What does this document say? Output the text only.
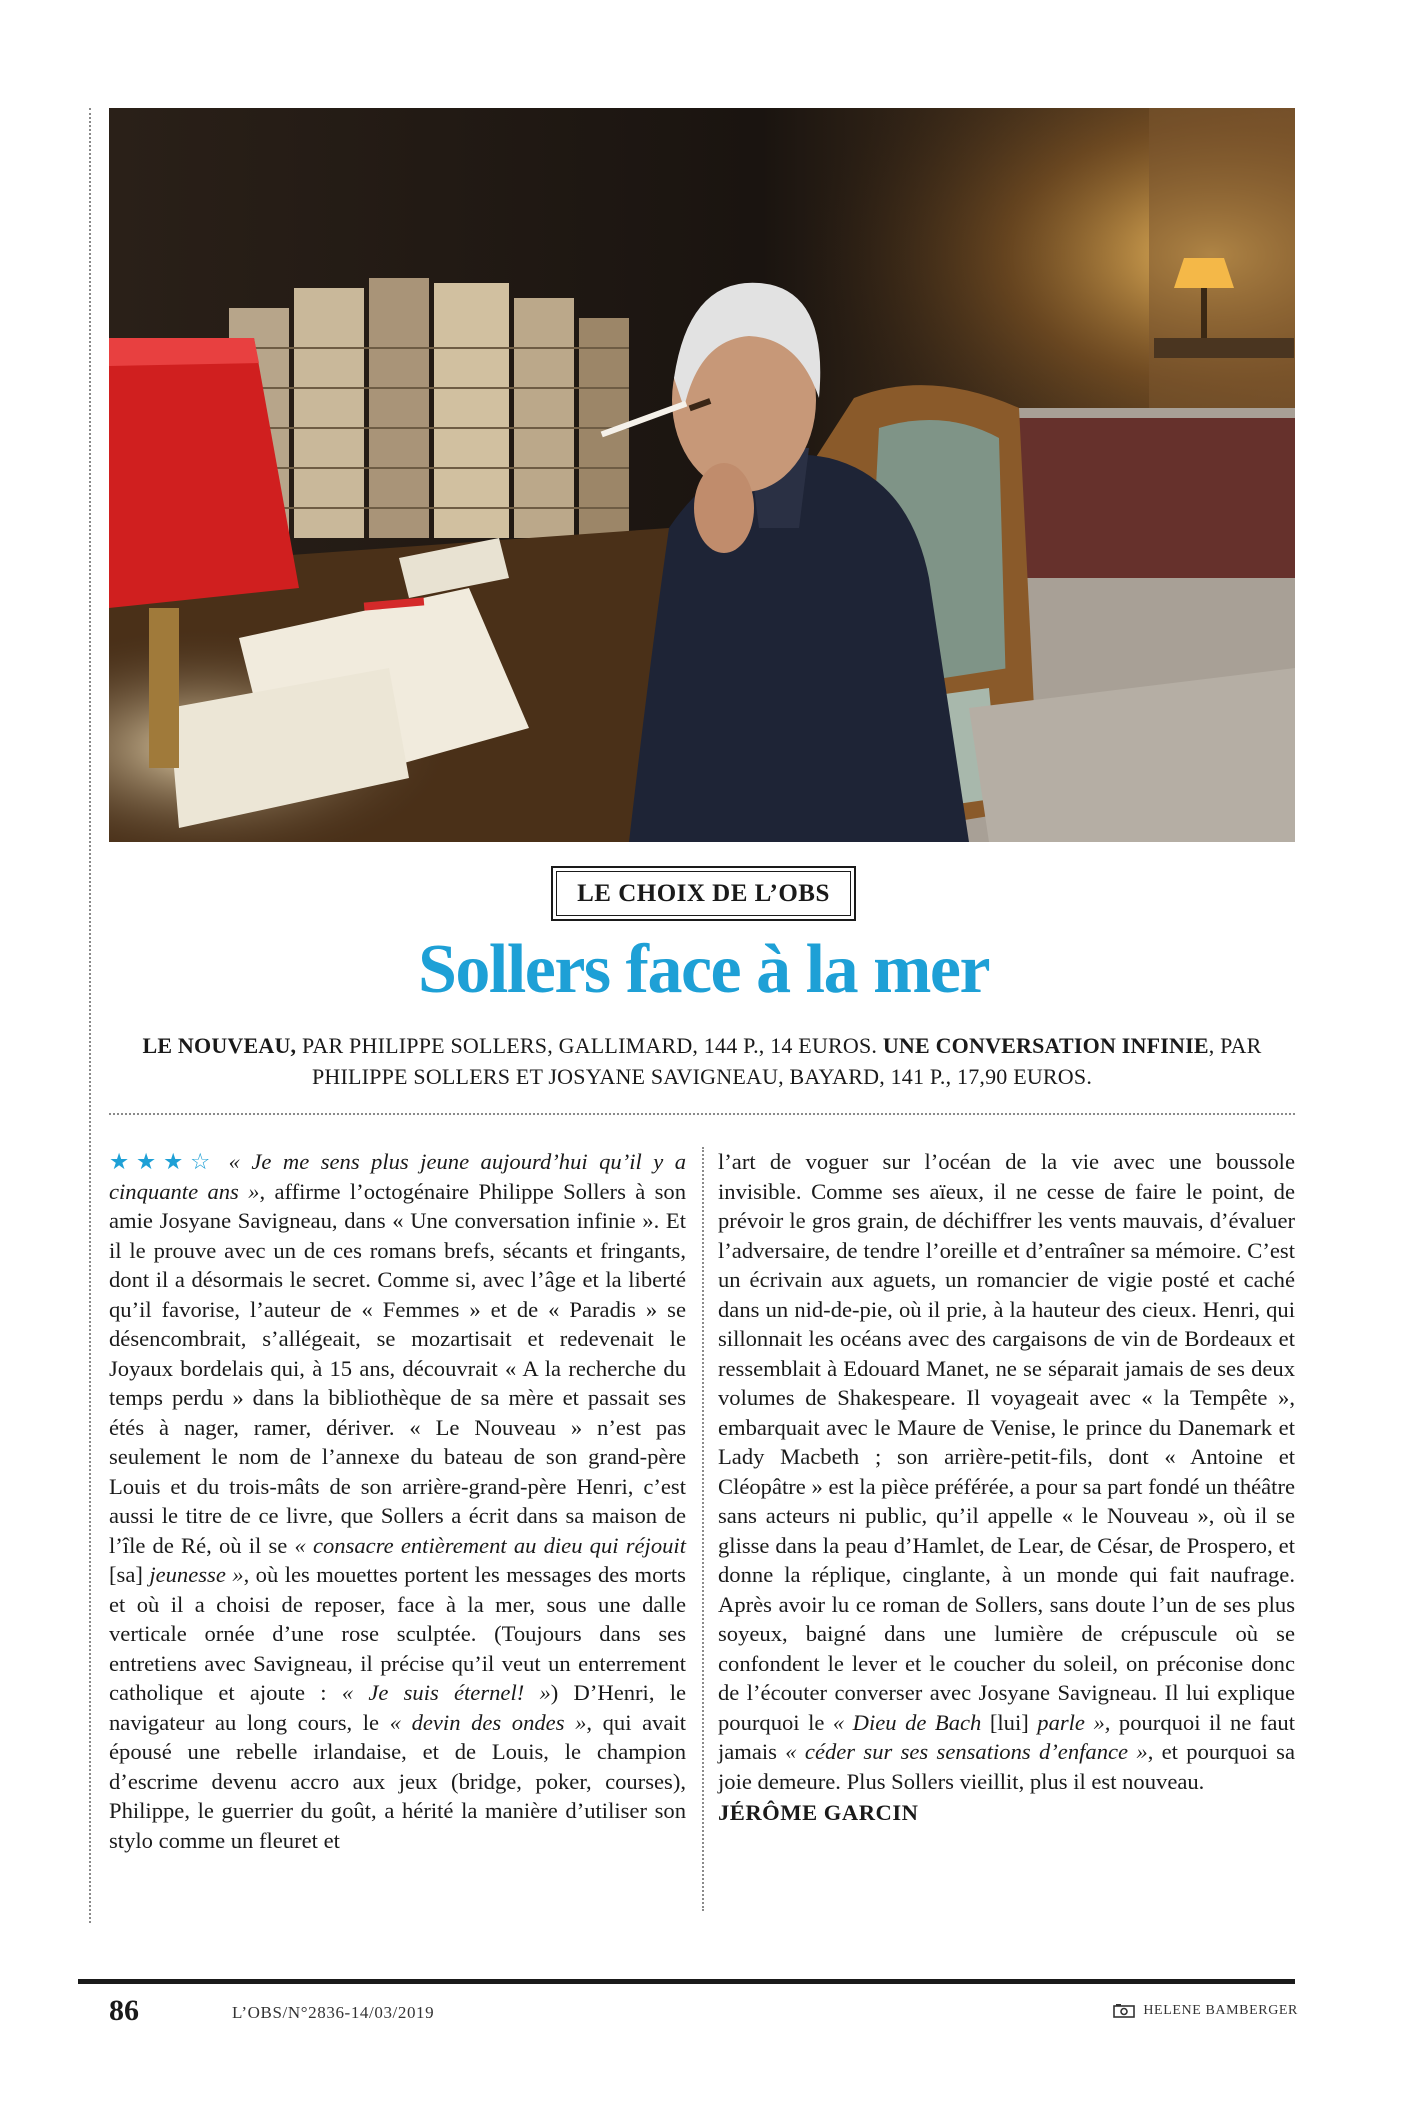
LE CHOIX DE L’OBS
Sollers face à la mer
LE NOUVEAU, PAR PHILIPPE SOLLERS, GALLIMARD, 144 P., 14 EUROS. UNE CONVERSATION INFINIE, PAR PHILIPPE SOLLERS ET JOSYANE SAVIGNEAU, BAYARD, 141 P., 17,90 EUROS.

★★★☆ « Je me sens plus jeune aujourd’hui qu’il y a cinquante ans », affirme l’octogénaire Philippe Sollers à son amie Josyane Savigneau, dans « Une conversation infinie ». Et il le prouve avec un de ces romans brefs, sécants et fringants, dont il a désormais le secret. Comme si, avec l’âge et la liberté qu’il favorise, l’auteur de « Femmes » et de « Paradis » se désencombrait, s’allégeait, se mozartisait et redevenait le Joyaux bordelais qui, à 15 ans, découvrait « A la recherche du temps perdu » dans la bibliothèque de sa mère et passait ses étés à nager, ramer, dériver. « Le Nouveau » n’est pas seulement le nom de l’annexe du bateau de son grand-père Louis et du trois-mâts de son arrière-grand-père Henri, c’est aussi le titre de ce livre, que Sollers a écrit dans sa maison de l’île de Ré, où il se « consacre entièrement au dieu qui réjouit [sa] jeunesse », où les mouettes portent les messages des morts et où il a choisi de reposer, face à la mer, sous une dalle verticale ornée d’une rose sculptée. (Toujours dans ses entretiens avec Savigneau, il précise qu’il veut un enterrement catholique et ajoute : « Je suis éternel! ») D’Henri, le navigateur au long cours, le « devin des ondes », qui avait épousé une rebelle irlandaise, et de Louis, le champion d’escrime devenu accro aux jeux (bridge, poker, courses), Philippe, le guerrier du goût, a hérité la manière d’utiliser son stylo comme un fleuret et

l’art de voguer sur l’océan de la vie avec une boussole invisible. Comme ses aïeux, il ne cesse de faire le point, de prévoir le gros grain, de déchiffrer les vents mauvais, d’évaluer l’adversaire, de tendre l’oreille et d’entraîner sa mémoire. C’est un écrivain aux aguets, un romancier de vigie posté et caché dans un nid-de-pie, où il prie, à la hauteur des cieux. Henri, qui sillonnait les océans avec des cargaisons de vin de Bordeaux et ressemblait à Edouard Manet, ne se séparait jamais de ses deux volumes de Shakespeare. Il voyageait avec « la Tempête », embarquait avec le Maure de Venise, le prince du Danemark et Lady Macbeth ; son arrière-petit-fils, dont « Antoine et Cléopâtre » est la pièce préférée, a pour sa part fondé un théâtre sans acteurs ni public, qu’il appelle « le Nouveau », où il se glisse dans la peau d’Hamlet, de Lear, de César, de Prospero, et donne la réplique, cinglante, à un monde qui fait naufrage. Après avoir lu ce roman de Sollers, sans doute l’un de ses plus soyeux, baigné dans une lumière de crépuscule où se confondent le lever et le coucher du soleil, on préconise donc de l’écouter converser avec Josyane Savigneau. Il lui explique pourquoi le « Dieu de Bach [lui] parle », pourquoi il ne faut jamais « céder sur ses sensations d’enfance », et pourquoi sa joie demeure. Plus Sollers vieillit, plus il est nouveau.

JÉRÔME GARCIN
86	L’OBS/N°2836-14/03/2019	HELENE BAMBERGER
